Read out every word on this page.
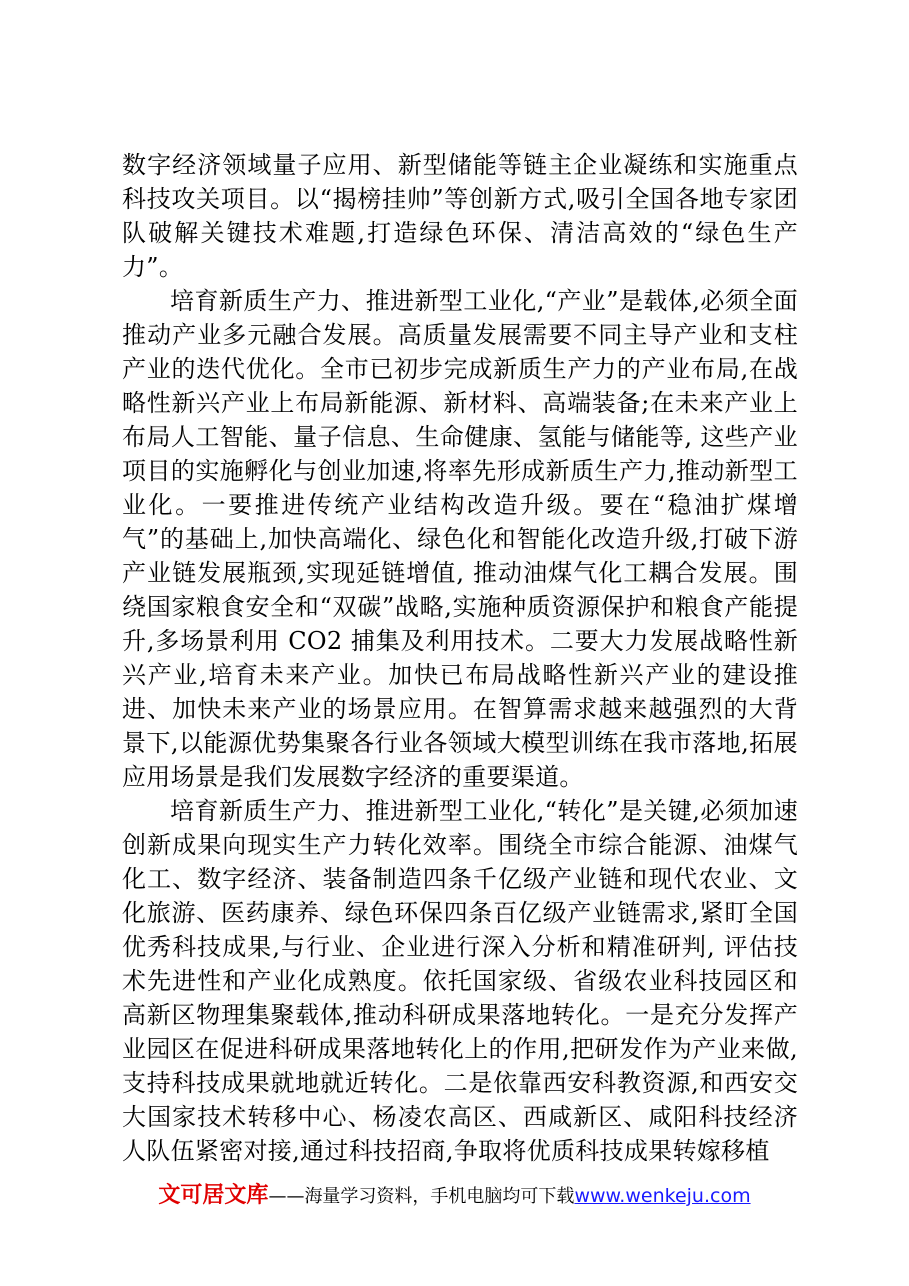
数字经济领域量子应用、新型储能等链主企业凝练和实施重点科技攻关项目。以“揭榜挂帅”等创新方式,吸引全国各地专家团队破解关键技术难题,打造绿色环保、清洁高效的“绿色生产力”。

培育新质生产力、推进新型工业化,“产业”是载体,必须全面推动产业多元融合发展。高质量发展需要不同主导产业和支柱产业的迭代优化。全市已初步完成新质生产力的产业布局,在战略性新兴产业上布局新能源、新材料、高端装备;在未来产业上布局人工智能、量子信息、生命健康、氢能与储能等, 这些产业项目的实施孵化与创业加速,将率先形成新质生产力,推动新型工业化。一要推进传统产业结构改造升级。要在“稳油扩煤增气”的基础上,加快高端化、绿色化和智能化改造升级,打破下游产业链发展瓶颈,实现延链增值, 推动油煤气化工耦合发展。围绕国家粮食安全和“双碳”战略,实施种质资源保护和粮食产能提升,多场景利用 CO2 捕集及利用技术。二要大力发展战略性新兴产业,培育未来产业。加快已布局战略性新兴产业的建设推进、加快未来产业的场景应用。在智算需求越来越强烈的大背景下,以能源优势集聚各行业各领域大模型训练在我市落地,拓展应用场景是我们发展数字经济的重要渠道。

培育新质生产力、推进新型工业化,“转化”是关键,必须加速创新成果向现实生产力转化效率。围绕全市综合能源、油煤气化工、数字经济、装备制造四条千亿级产业链和现代农业、文化旅游、医药康养、绿色环保四条百亿级产业链需求,紧盯全国优秀科技成果,与行业、企业进行深入分析和精准研判, 评估技术先进性和产业化成熟度。依托国家级、省级农业科技园区和高新区物理集聚载体,推动科研成果落地转化。一是充分发挥产业园区在促进科研成果落地转化上的作用,把研发作为产业来做,支持科技成果就地就近转化。二是依靠西安科教资源,和西安交大国家技术转移中心、杨凌农高区、西咸新区、咸阳科技经济人队伍紧密对接,通过科技招商,争取将优质科技成果转嫁移植

文可居文库——海量学习资料，手机电脑均可下载www.wenkeju.com
